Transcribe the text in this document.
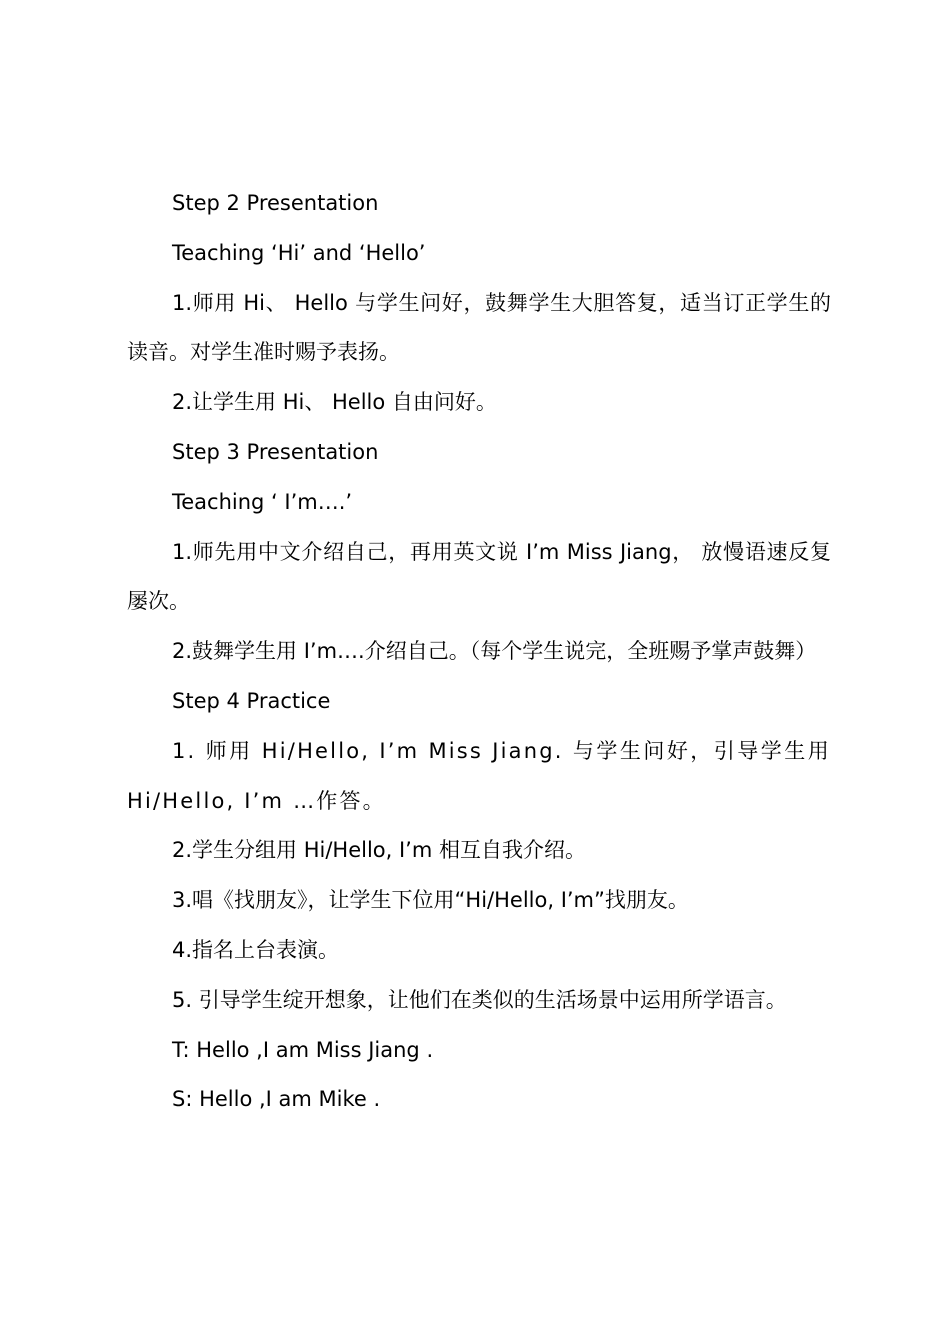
Step 2 Presentation

Teaching ‘Hi’ and ‘Hello’

1.师用 Hi、 Hello 与学生问好，鼓舞学生大胆答复，适当订正学生的读音。对学生准时赐予表扬。

2.让学生用 Hi、 Hello 自由问好。

Step 3 Presentation

Teaching ‘ I’m….’

1.师先用中文介绍自己，再用英文说 I’m Miss Jiang， 放慢语速反复屡次。

2.鼓舞学生用 I’m….介绍自己。（每个学生说完，全班赐予掌声鼓舞）

Step 4 Practice

1. 师用 Hi/Hello, I’m Miss Jiang. 与学生问好，引导学生用 Hi/Hello, I’m …作答。

2.学生分组用 Hi/Hello, I’m 相互自我介绍。

3.唱《找朋友》，让学生下位用“Hi/Hello, I’m”找朋友。

4.指名上台表演。

5. 引导学生绽开想象，让他们在类似的生活场景中运用所学语言。

T: Hello ,I am Miss Jiang .

S: Hello ,I am Mike .
